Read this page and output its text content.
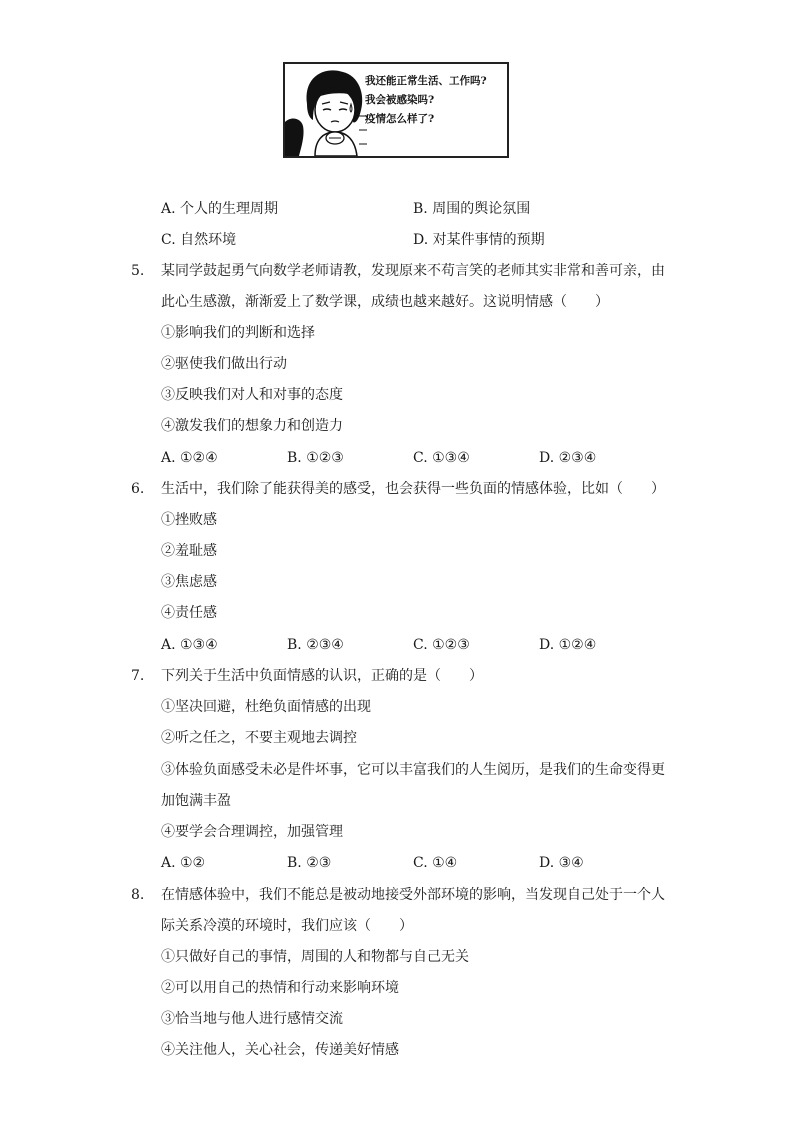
我还能正常生活、工作吗?
我会被感染吗?
疫情怎么样了?
A. 个人的生理周期	B. 周围的舆论氛围
C. 自然环境	D. 对某件事情的预期
5. 某同学鼓起勇气向数学老师请教，发现原来不苟言笑的老师其实非常和善可亲，由
此心生感激，渐渐爱上了数学课，成绩也越来越好。这说明情感（　　）
①影响我们的判断和选择
②驱使我们做出行动
③反映我们对人和对事的态度
④激发我们的想象力和创造力
A. ①②④	B. ①②③	C. ①③④	D. ②③④
6. 生活中，我们除了能获得美的感受，也会获得一些负面的情感体验，比如（　　）
①挫败感
②羞耻感
③焦虑感
④责任感
A. ①③④	B. ②③④	C. ①②③	D. ①②④
7. 下列关于生活中负面情感的认识，正确的是（　　）
①坚决回避，杜绝负面情感的出现
②听之任之，不要主观地去调控
③体验负面感受未必是件坏事，它可以丰富我们的人生阅历，是我们的生命变得更
加饱满丰盈
④要学会合理调控，加强管理
A. ①②	B. ②③	C. ①④	D. ③④
8. 在情感体验中，我们不能总是被动地接受外部环境的影响，当发现自己处于一个人
际关系冷漠的环境时，我们应该（　　）
①只做好自己的事情，周围的人和物都与自己无关
②可以用自己的热情和行动来影响环境
③恰当地与他人进行感情交流
④关注他人，关心社会，传递美好情感
